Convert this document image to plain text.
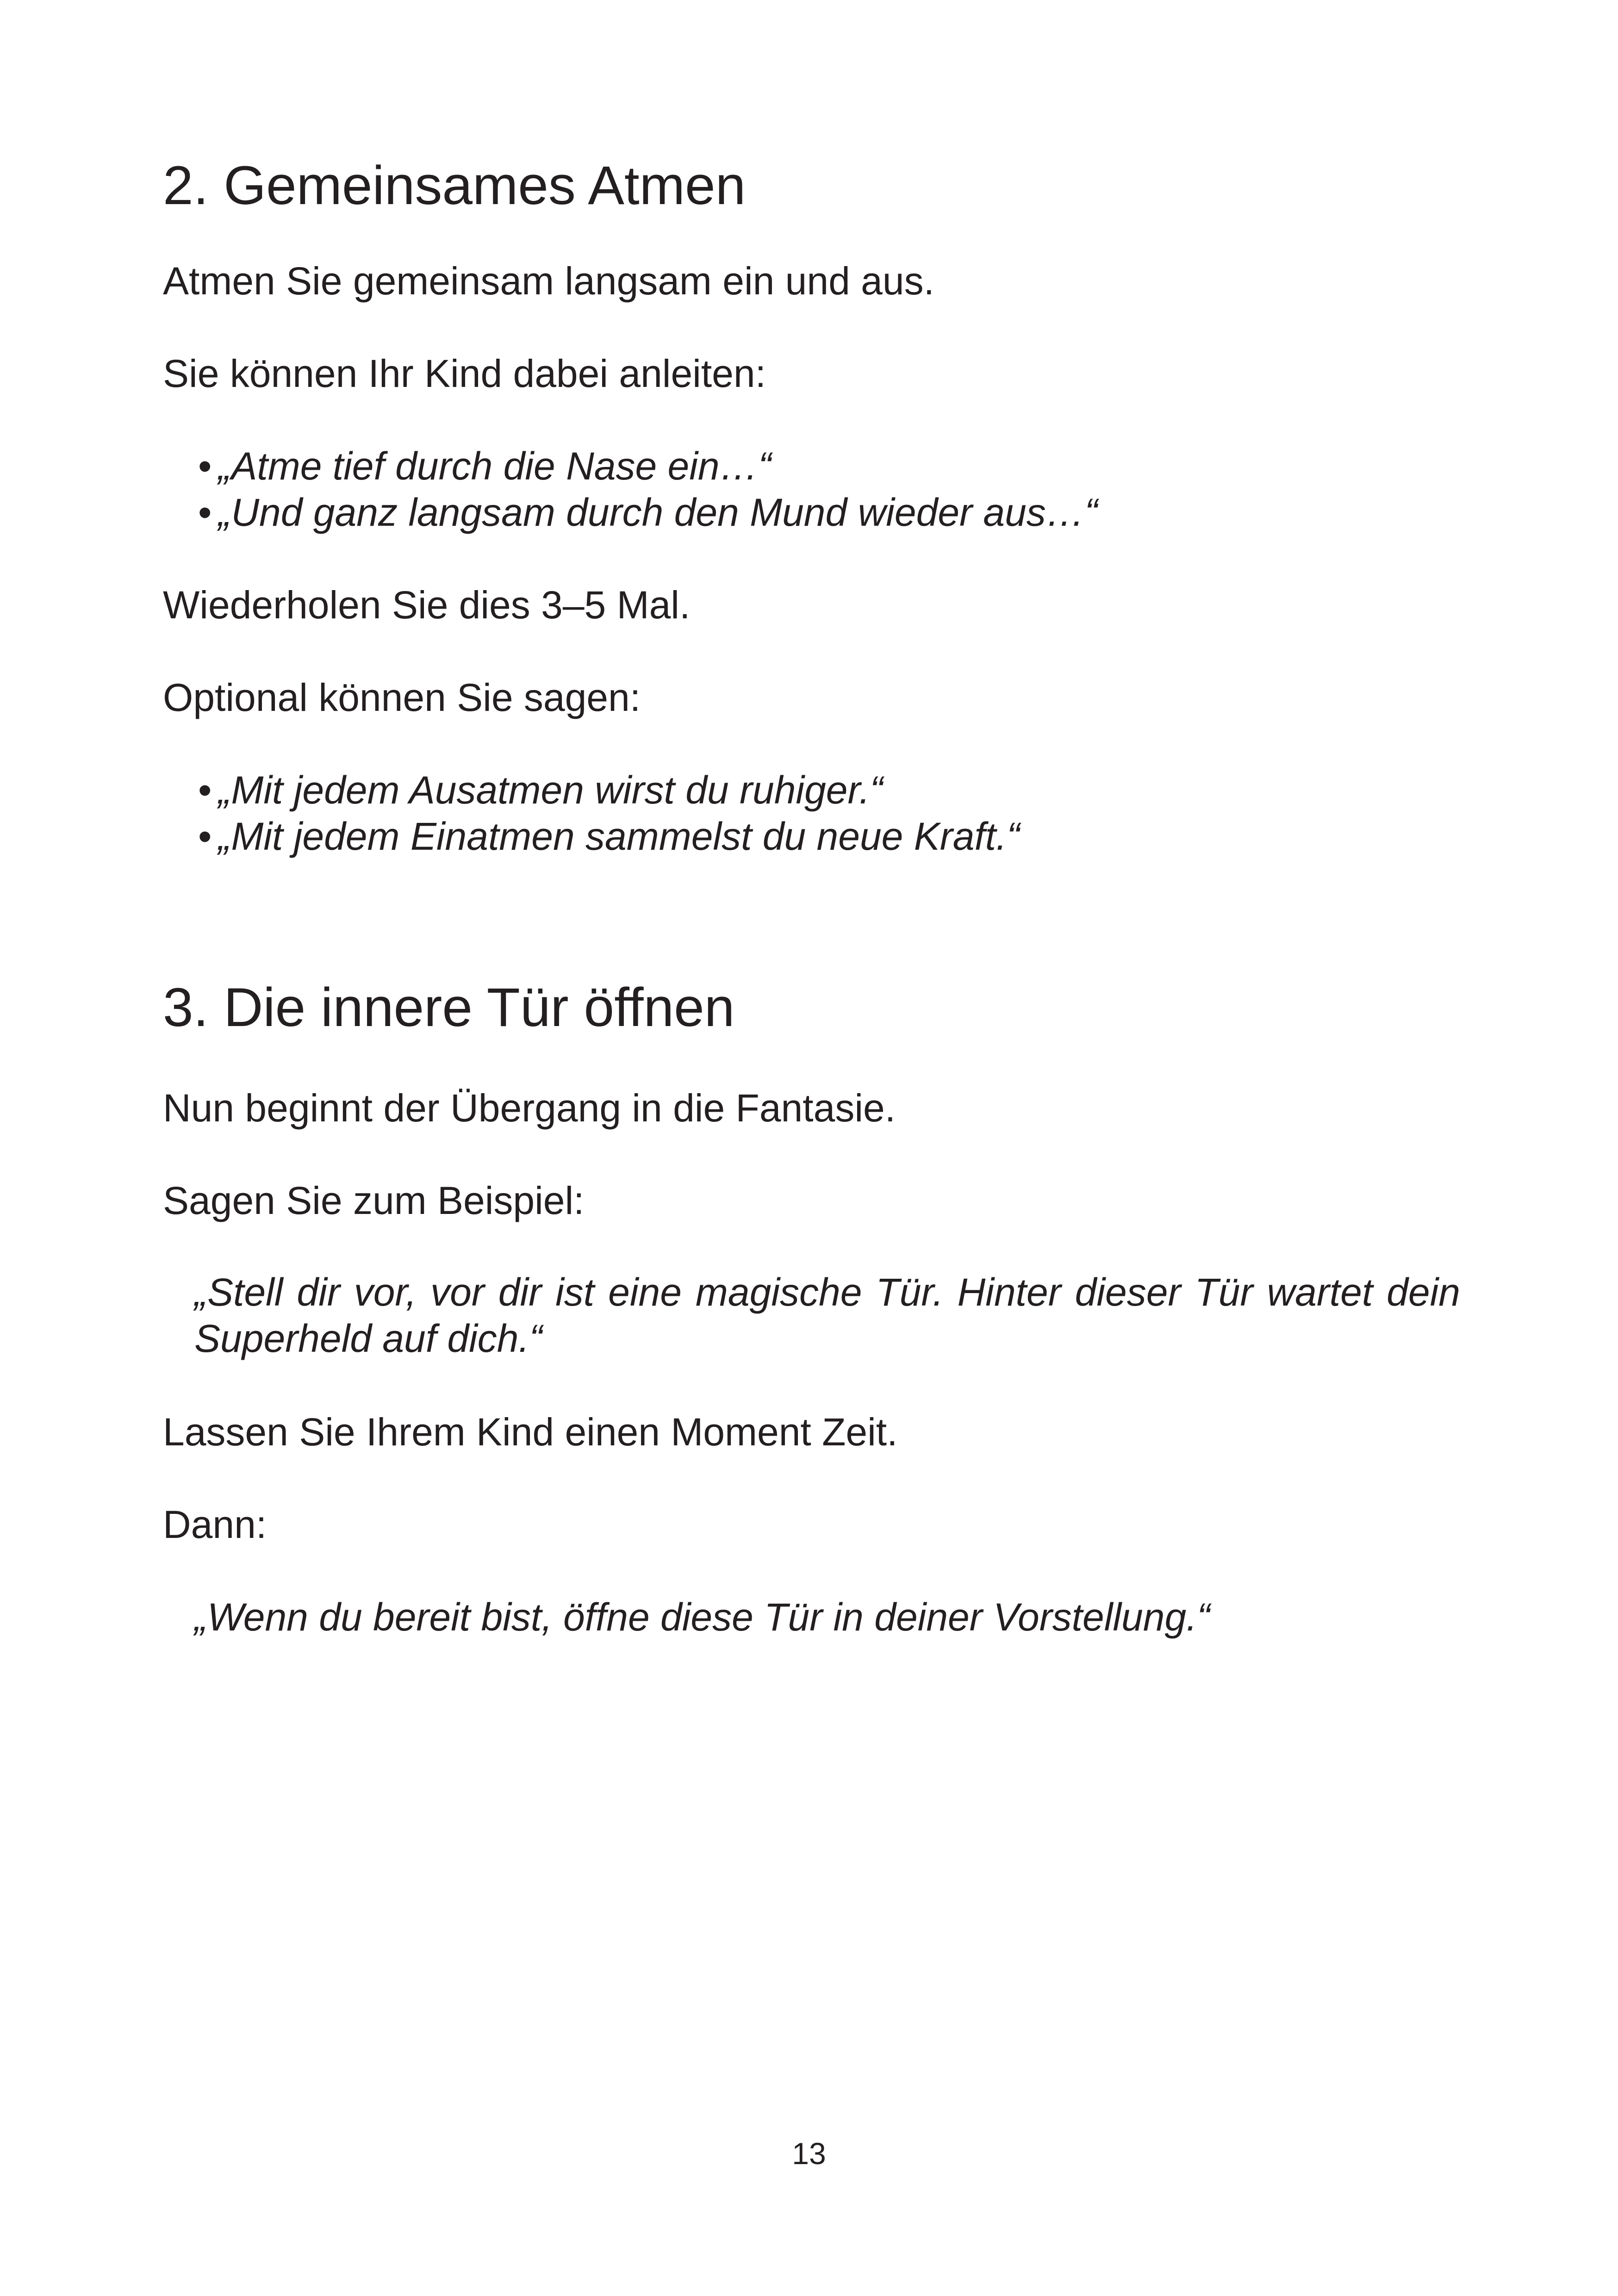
2. Gemeinsames Atmen

Atmen Sie gemeinsam langsam ein und aus.

Sie können Ihr Kind dabei anleiten:

• „Atme tief durch die Nase ein…“

• „Und ganz langsam durch den Mund wieder aus…“

Wiederholen Sie dies 3–5 Mal.

Optional können Sie sagen:

• „Mit jedem Ausatmen wirst du ruhiger.“

• „Mit jedem Einatmen sammelst du neue Kraft.“

3. Die innere Tür öffnen

Nun beginnt der Übergang in die Fantasie.

Sagen Sie zum Beispiel:

„Stell dir vor, vor dir ist eine magische Tür. Hinter dieser Tür wartet dein Superheld auf dich.“

Lassen Sie Ihrem Kind einen Moment Zeit.

Dann:

„Wenn du bereit bist, öffne diese Tür in deiner Vorstellung.“

13
